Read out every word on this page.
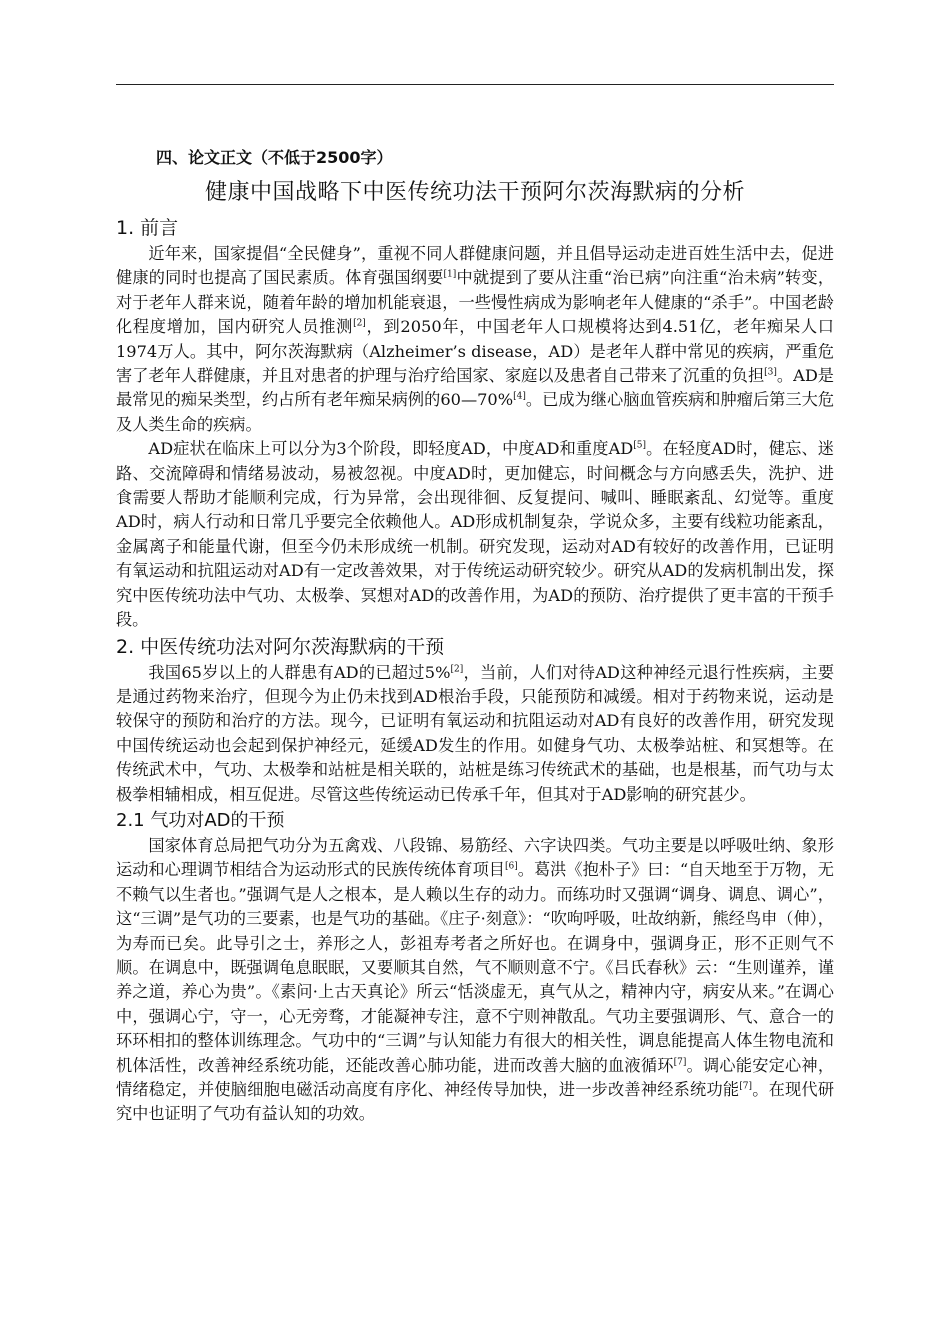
四、论文正文（不低于2500字）
健康中国战略下中医传统功法干预阿尔茨海默病的分析
1. 前言

近年来，国家提倡“全民健身”，重视不同人群健康问题，并且倡导运动走进百姓生活中去，促进健康的同时也提高了国民素质。体育强国纲要[1]中就提到了要从注重“治已病”向注重“治未病”转变，对于老年人群来说，随着年龄的增加机能衰退，一些慢性病成为影响老年人健康的“杀手”。中国老龄化程度增加，国内研究人员推测[2]，到2050年，中国老年人口规模将达到4.51亿，老年痴呆人口1974万人。其中，阿尔茨海默病（Alzheimer’s disease，AD）是老年人群中常见的疾病，严重危害了老年人群健康，并且对患者的护理与治疗给国家、家庭以及患者自己带来了沉重的负担[3]。AD是最常见的痴呆类型，约占所有老年痴呆病例的60—70%[4]。已成为继心脑血管疾病和肿瘤后第三大危及人类生命的疾病。

AD症状在临床上可以分为3个阶段，即轻度AD，中度AD和重度AD[5]。在轻度AD时，健忘、迷路、交流障碍和情绪易波动，易被忽视。中度AD时，更加健忘，时间概念与方向感丢失，洗护、进食需要人帮助才能顺利完成，行为异常，会出现徘徊、反复提问、喊叫、睡眠紊乱、幻觉等。重度AD时，病人行动和日常几乎要完全依赖他人。AD形成机制复杂，学说众多，主要有线粒功能紊乱，金属离子和能量代谢，但至今仍未形成统一机制。研究发现，运动对AD有较好的改善作用，已证明有氧运动和抗阻运动对AD有一定改善效果，对于传统运动研究较少。研究从AD的发病机制出发，探究中医传统功法中气功、太极拳、冥想对AD的改善作用，为AD的预防、治疗提供了更丰富的干预手段。

2. 中医传统功法对阿尔茨海默病的干预

我国65岁以上的人群患有AD的已超过5%[2]，当前，人们对待AD这种神经元退行性疾病，主要是通过药物来治疗，但现今为止仍未找到AD根治手段，只能预防和减缓。相对于药物来说，运动是较保守的预防和治疗的方法。现今，已证明有氧运动和抗阻运动对AD有良好的改善作用，研究发现中国传统运动也会起到保护神经元，延缓AD发生的作用。如健身气功、太极拳站桩、和冥想等。在传统武术中，气功、太极拳和站桩是相关联的，站桩是练习传统武术的基础，也是根基，而气功与太极拳相辅相成，相互促进。尽管这些传统运动已传承千年，但其对于AD影响的研究甚少。

2.1 气功对AD的干预

国家体育总局把气功分为五禽戏、八段锦、易筋经、六字诀四类。气功主要是以呼吸吐纳、象形运动和心理调节相结合为运动形式的民族传统体育项目[6]。葛洪《抱朴子》曰：“自天地至于万物，无不赖气以生者也。”强调气是人之根本，是人赖以生存的动力。而练功时又强调“调身、调息、调心”，这“三调”是气功的三要素，也是气功的基础。《庄子·刻意》：“吹呴呼吸，吐故纳新，熊经鸟申（伸），为寿而已矣。此导引之士，养形之人，彭祖寿考者之所好也。在调身中，强调身正，形不正则气不顺。在调息中，既强调龟息眠眠，又要顺其自然，气不顺则意不宁。《吕氏春秋》云：“生则谨养，谨养之道，养心为贵”。《素问·上古天真论》所云“恬淡虚无，真气从之，精神内守，病安从来。”在调心中，强调心宁，守一，心无旁骛，才能凝神专注，意不宁则神散乱。气功主要强调形、气、意合一的环环相扣的整体训练理念。气功中的“三调”与认知能力有很大的相关性，调息能提高人体生物电流和机体活性，改善神经系统功能，还能改善心肺功能，进而改善大脑的血液循环[7]。调心能安定心神，情绪稳定，并使脑细胞电磁活动高度有序化、神经传导加快，进一步改善神经系统功能[7]。在现代研究中也证明了气功有益认知的功效。
